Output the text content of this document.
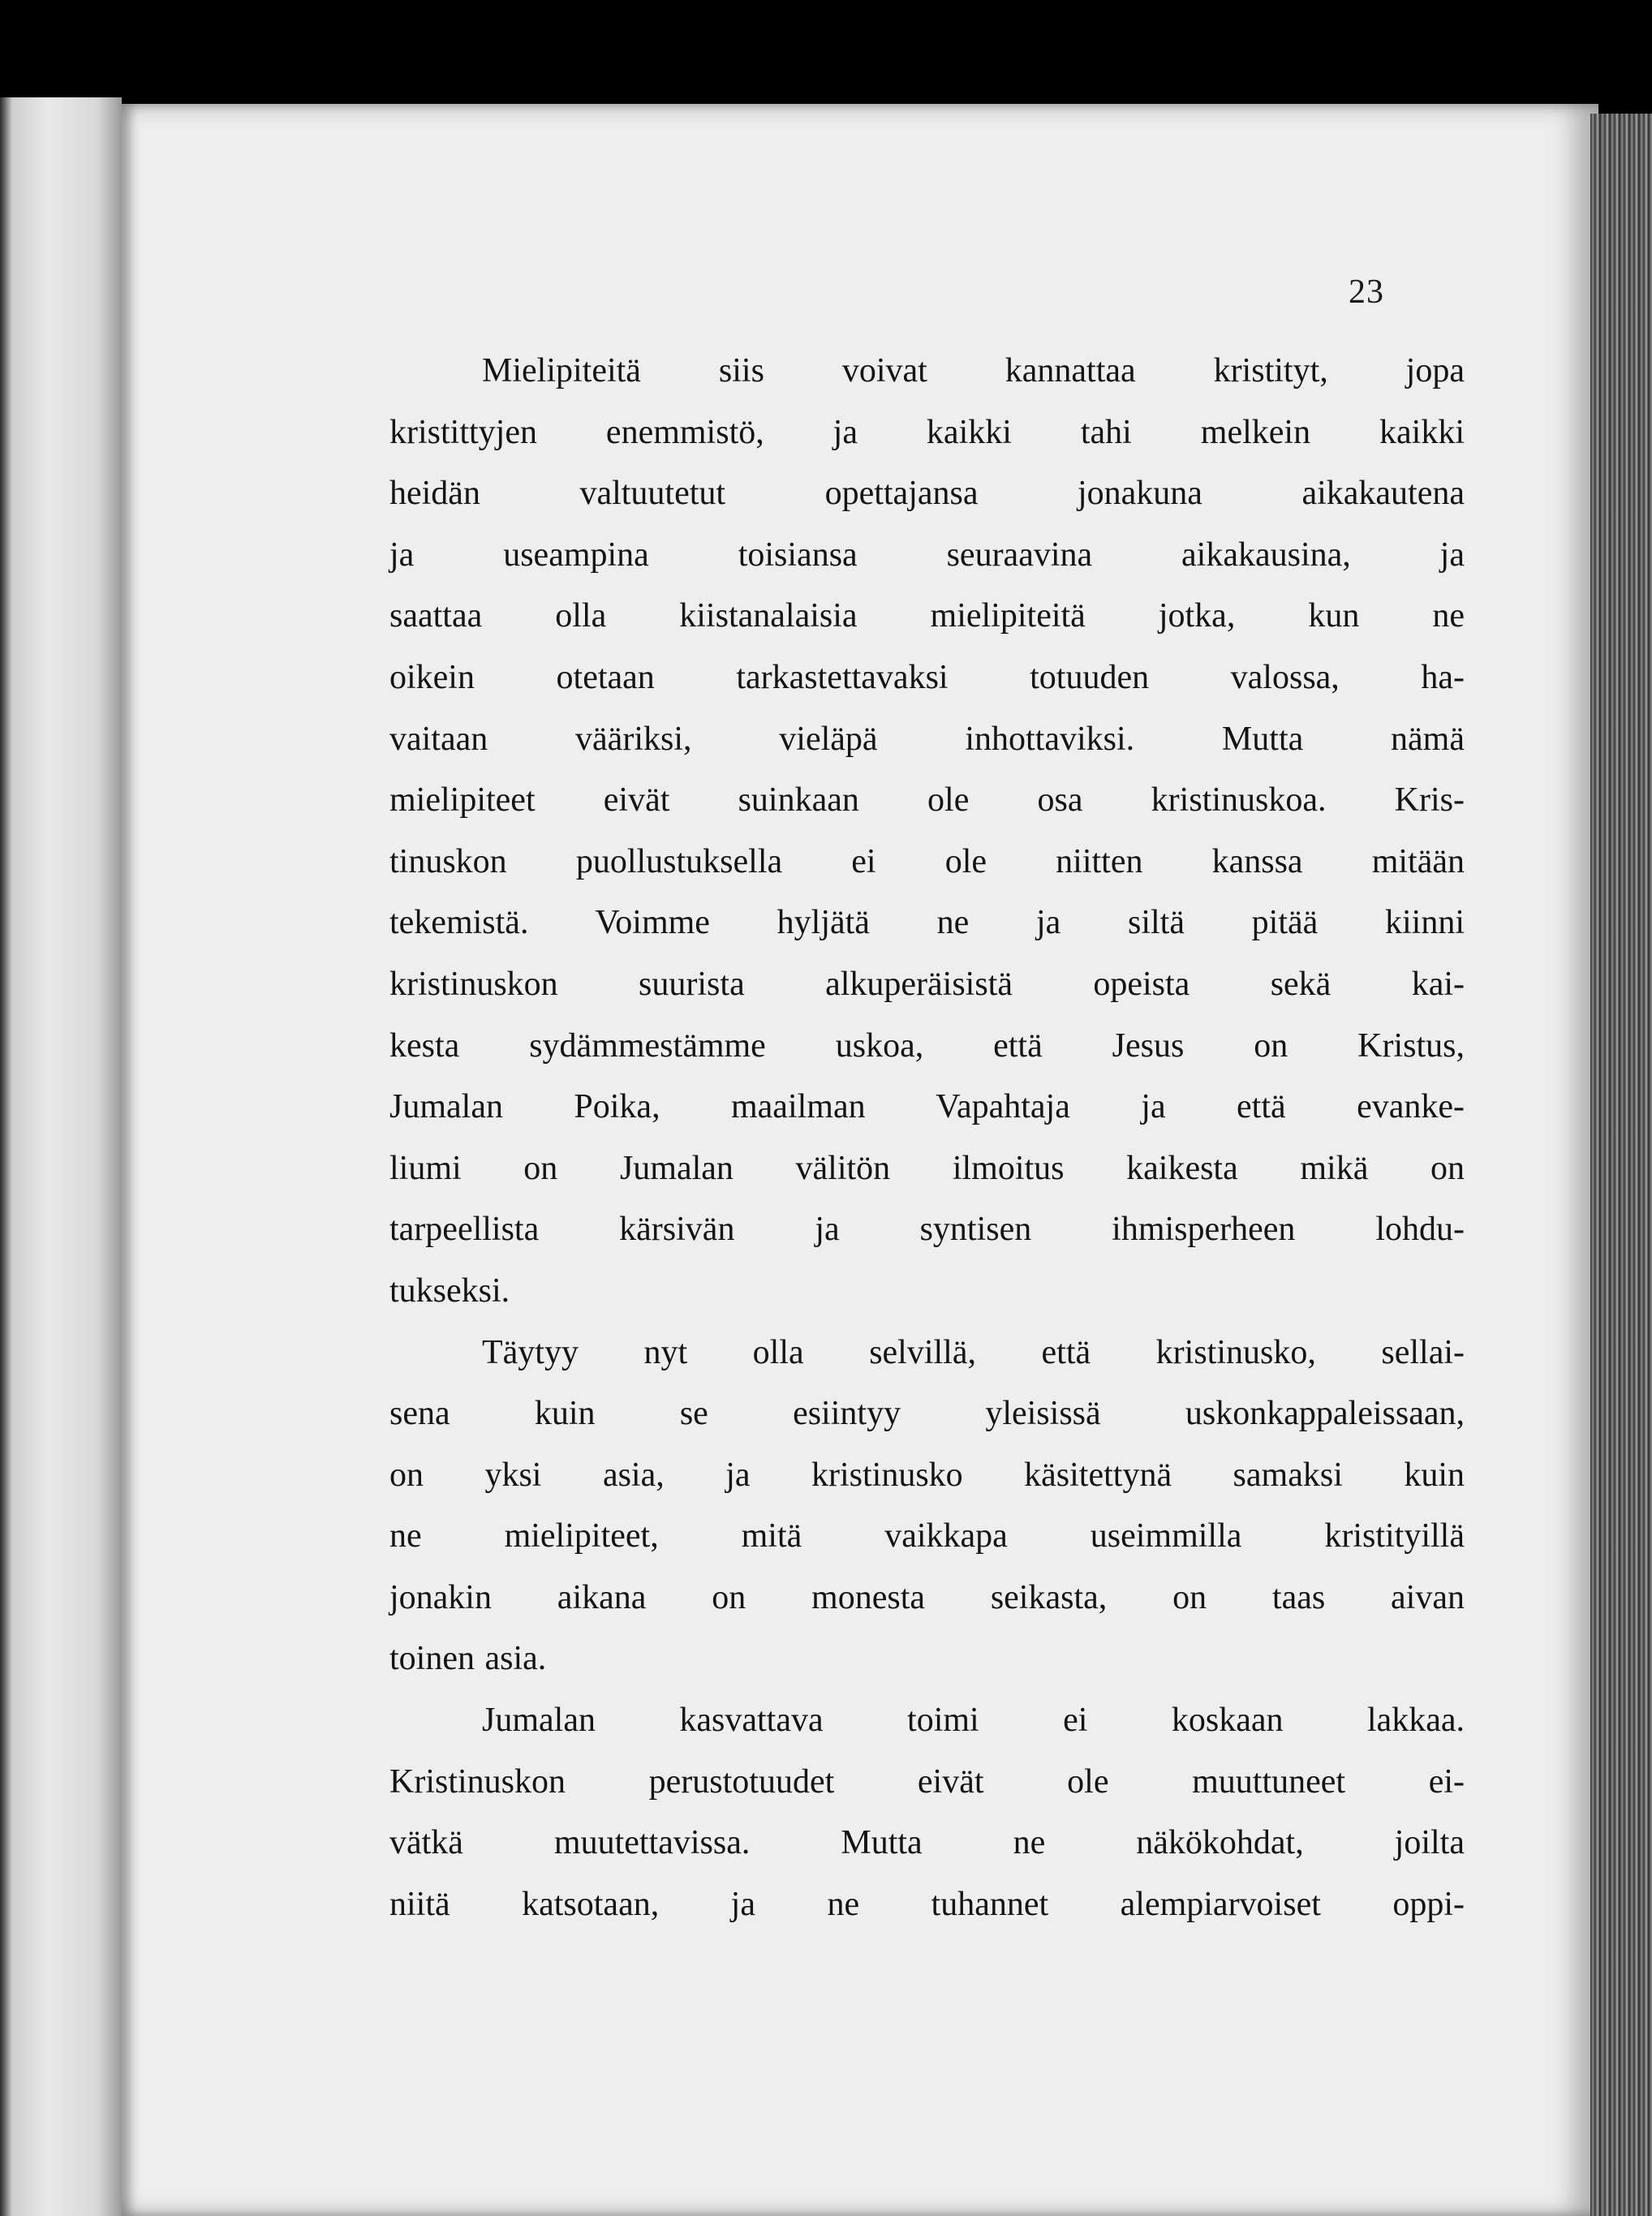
23
Mielipiteitä siis voivat kannattaa kristityt, jopa
kristittyjen enemmistö, ja kaikki tahi melkein kaikki
heidän valtuutetut opettajansa jonakuna aikakautena
ja useampina toisiansa seuraavina aikakausina, ja
saattaa olla kiistanalaisia mielipiteitä jotka, kun ne
oikein otetaan tarkastettavaksi totuuden valossa, ha-
vaitaan vääriksi, vieläpä inhottaviksi. Mutta nämä
mielipiteet eivät suinkaan ole osa kristinuskoa. Kris-
tinuskon puollustuksella ei ole niitten kanssa mitään
tekemistä. Voimme hyljätä ne ja siltä pitää kiinni
kristinuskon suurista alkuperäisistä opeista sekä kai-
kesta sydämmestämme uskoa, että Jesus on Kristus,
Jumalan Poika, maailman Vapahtaja ja että evanke-
liumi on Jumalan välitön ilmoitus kaikesta mikä on
tarpeellista kärsivän ja syntisen ihmisperheen lohdu-
tukseksi.
Täytyy nyt olla selvillä, että kristinusko, sellai-
sena kuin se esiintyy yleisissä uskonkappaleissaan,
on yksi asia, ja kristinusko käsitettynä samaksi kuin
ne mielipiteet, mitä vaikkapa useimmilla kristityillä
jonakin aikana on monesta seikasta, on taas aivan
toinen asia.
Jumalan kasvattava toimi ei koskaan lakkaa.
Kristinuskon perustotuudet eivät ole muuttuneet ei-
vätkä muutettavissa. Mutta ne näkökohdat, joilta
niitä katsotaan, ja ne tuhannet alempiarvoiset oppi-
